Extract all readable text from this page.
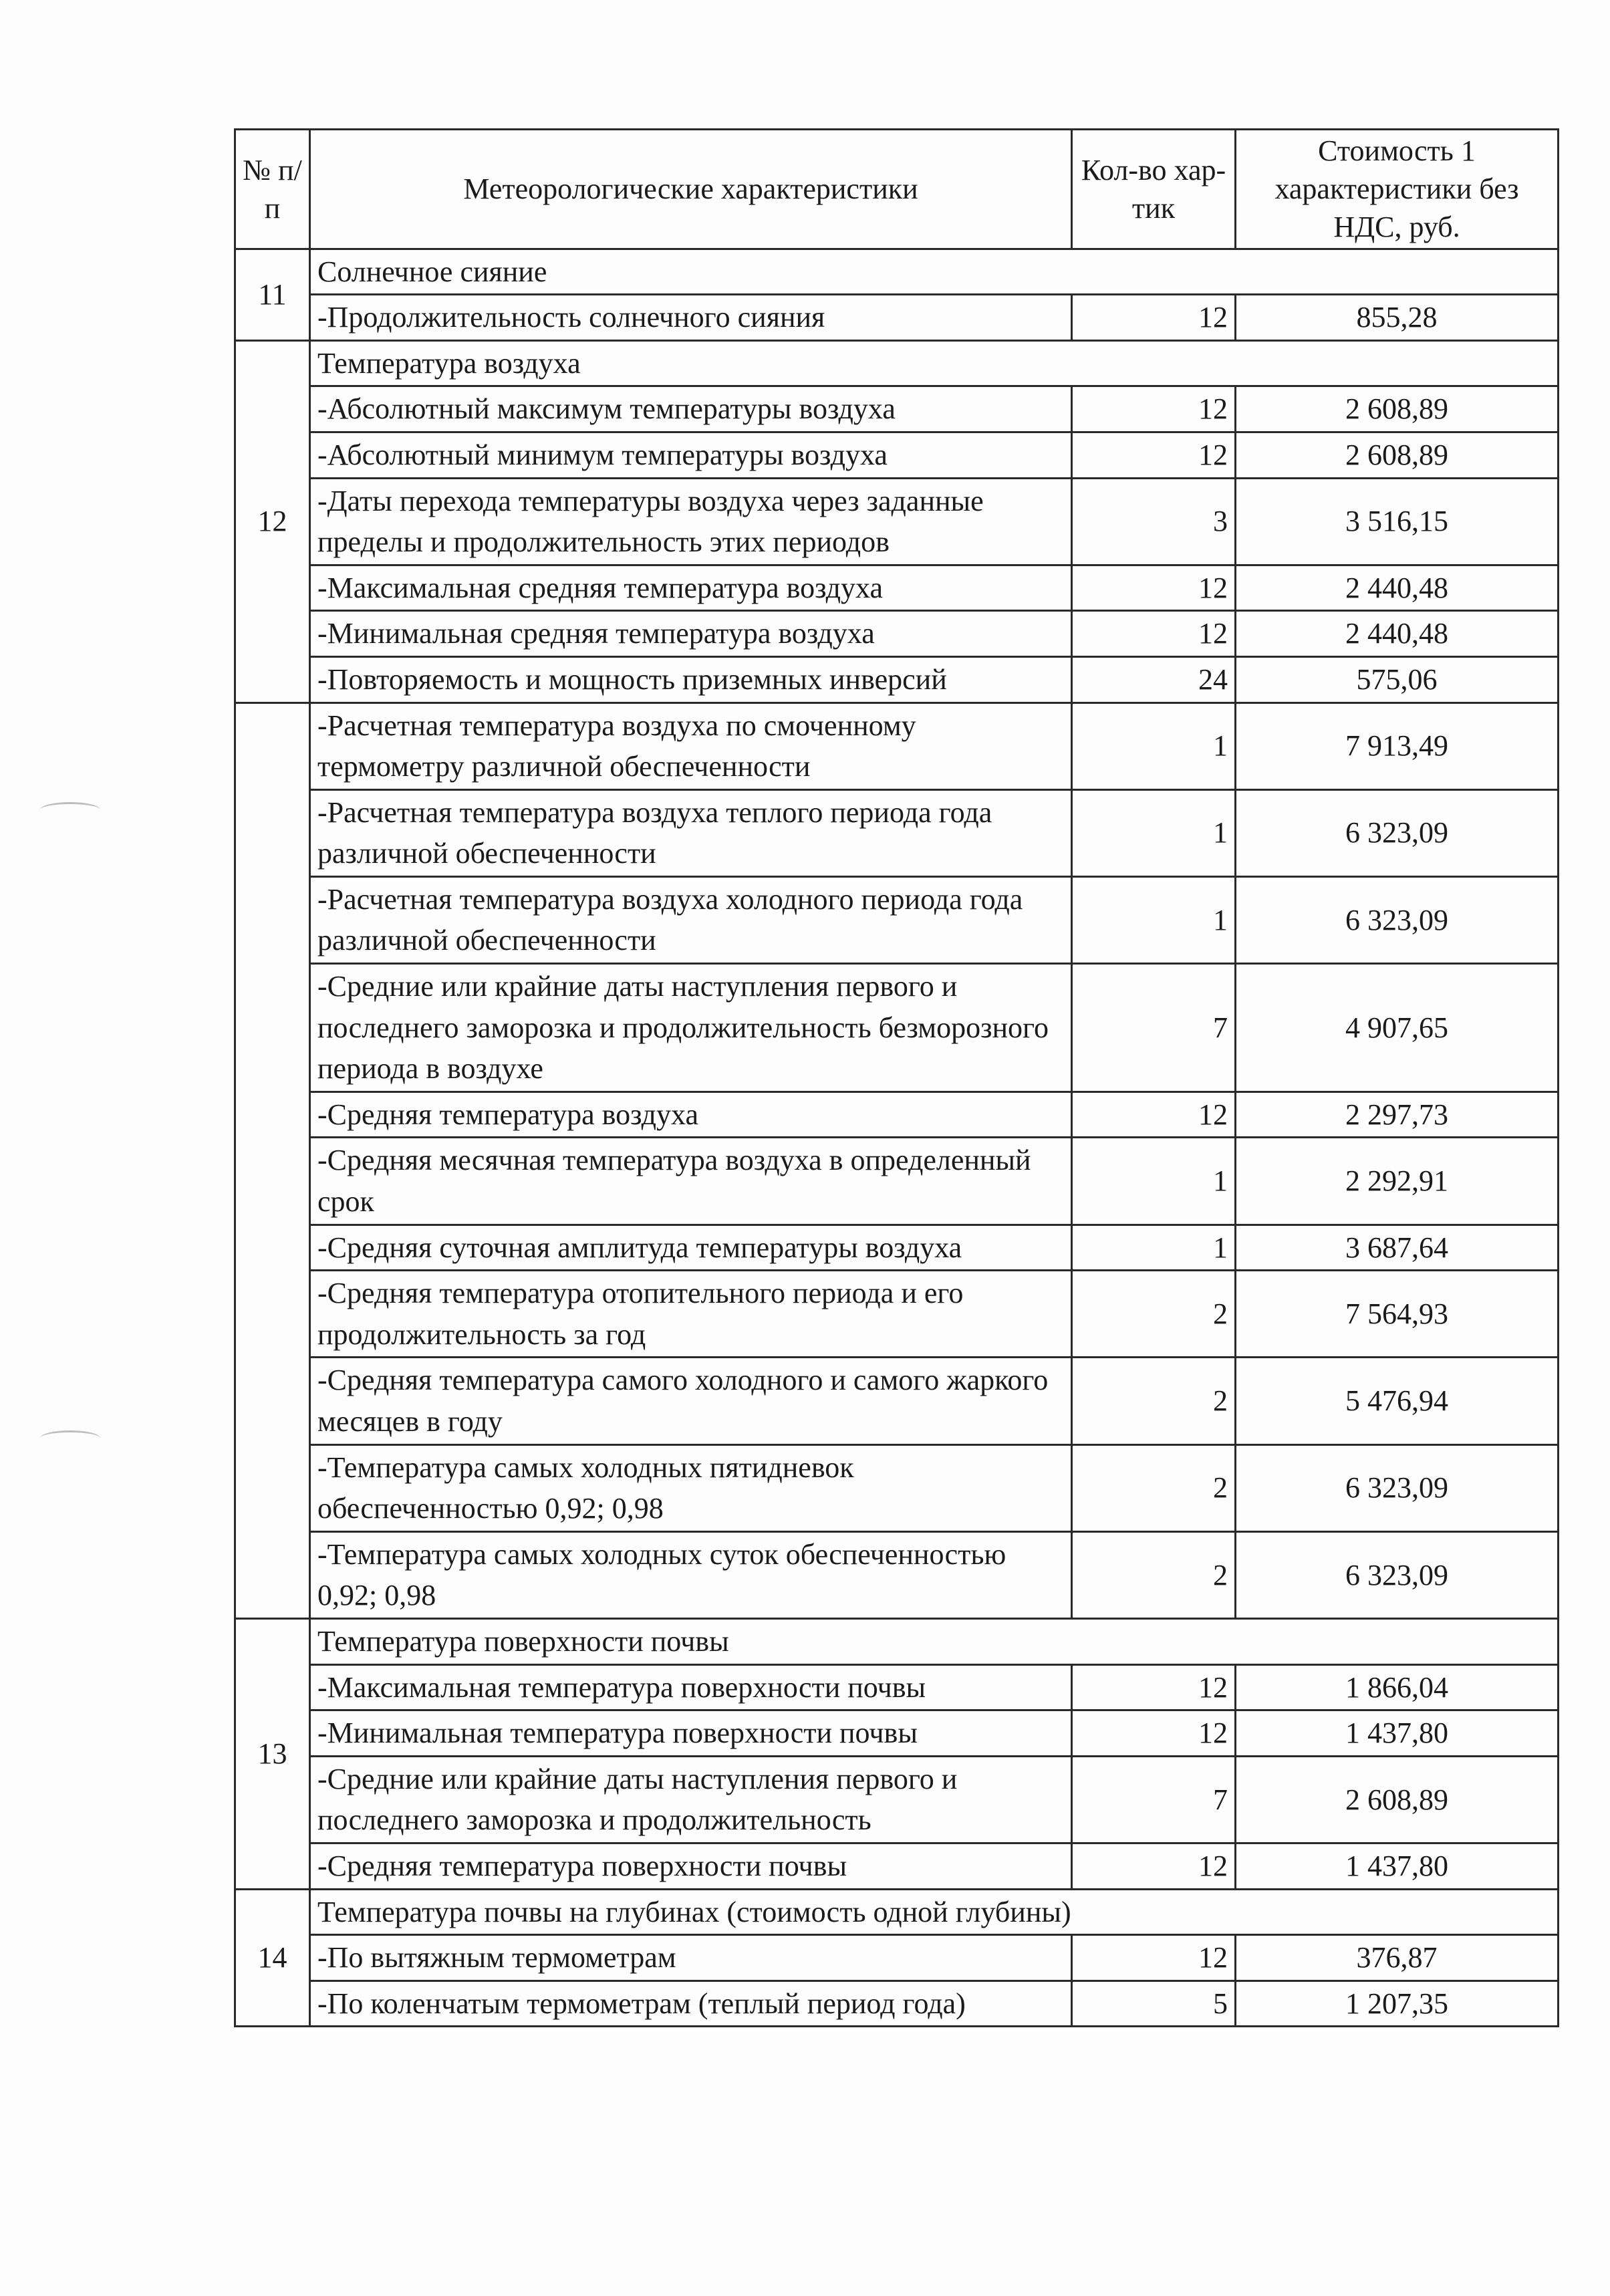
№ п/п	Метеорологические характеристики	Кол-во хар-тик	Стоимость 1 характеристики без НДС, руб.
11	Солнечное сияние		
	-Продолжительность солнечного сияния	12	855,28
12	Температура воздуха		
	-Абсолютный максимум температуры воздуха	12	2 608,89
	-Абсолютный минимум температуры воздуха	12	2 608,89
	-Даты перехода температуры воздуха через заданные пределы и продолжительность этих периодов	3	3 516,15
	-Максимальная средняя температура воздуха	12	2 440,48
	-Минимальная средняя температура воздуха	12	2 440,48
	-Повторяемость и мощность приземных инверсий	24	575,06
	-Расчетная температура воздуха по смоченному термометру различной обеспеченности	1	7 913,49
	-Расчетная температура воздуха теплого периода года различной обеспеченности	1	6 323,09
	-Расчетная температура воздуха холодного периода года различной обеспеченности	1	6 323,09
	-Средние или крайние даты наступления первого и последнего заморозка и продолжительность безморозного периода в воздухе	7	4 907,65
	-Средняя температура воздуха	12	2 297,73
	-Средняя месячная температура воздуха в определенный срок	1	2 292,91
	-Средняя суточная амплитуда температуры воздуха	1	3 687,64
	-Средняя температура отопительного периода и его продолжительность за год	2	7 564,93
	-Средняя температура самого холодного и самого жаркого месяцев в году	2	5 476,94
	-Температура самых холодных пятидневок обеспеченностью 0,92; 0,98	2	6 323,09
	-Температура самых холодных суток обеспеченностью 0,92; 0,98	2	6 323,09
13	Температура поверхности почвы		
	-Максимальная температура поверхности почвы	12	1 866,04
	-Минимальная температура поверхности почвы	12	1 437,80
	-Средние или крайние даты наступления первого и последнего заморозка и продолжительность	7	2 608,89
	-Средняя температура поверхности почвы	12	1 437,80
14	Температура почвы на глубинах (стоимость одной глубины)		
	-По вытяжным термометрам	12	376,87
	-По коленчатым термометрам (теплый период года)	5	1 207,35
